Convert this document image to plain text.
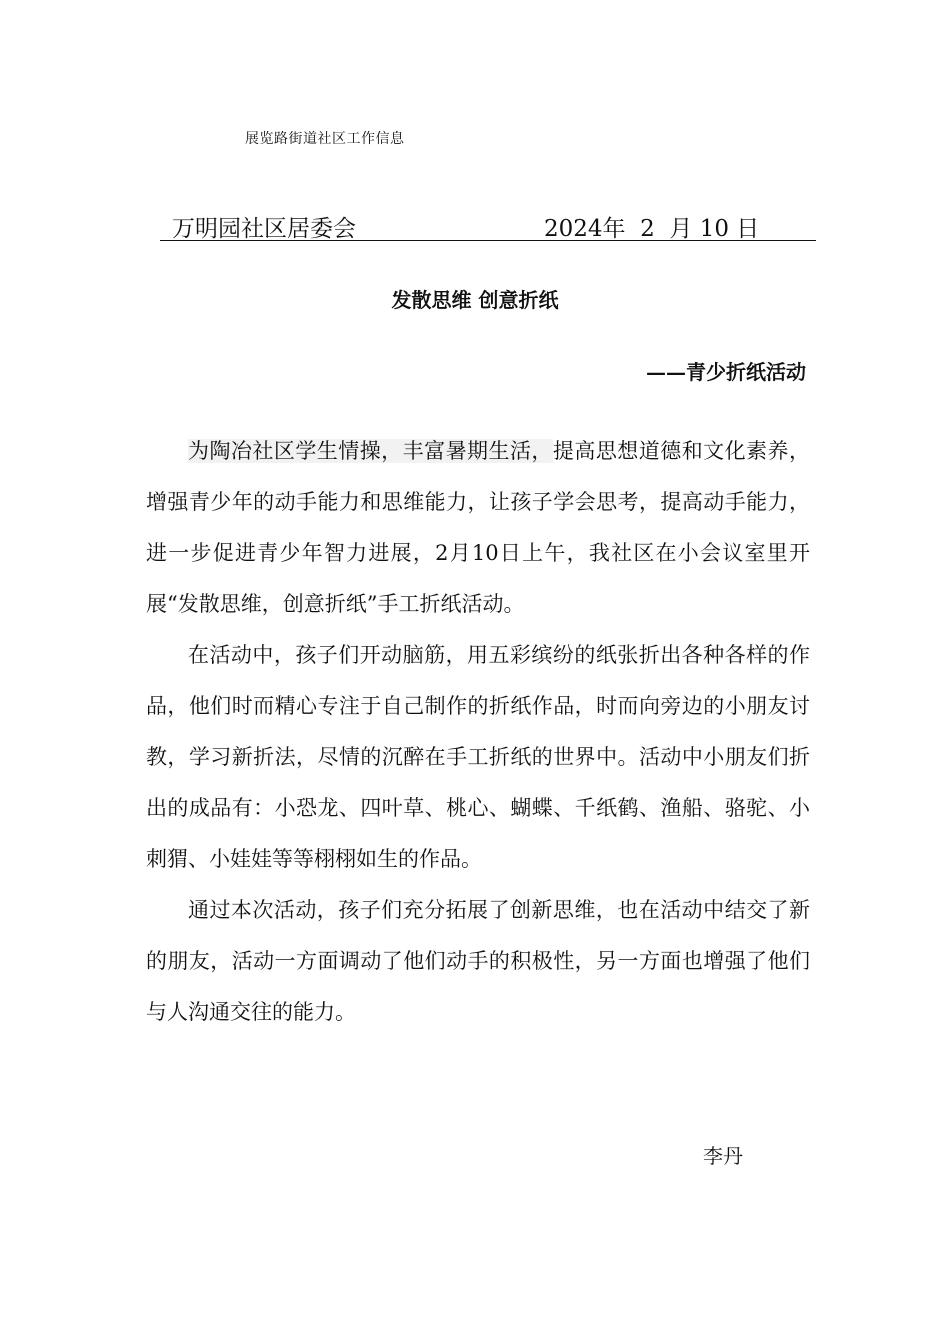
展览路街道社区工作信息
万明园社区居委会	2024年  2  月 10 日
发散思维 创意折纸
——青少折纸活动

为陶冶社区学生情操，丰富暑期生活，提高思想道德和文化素养，增强青少年的动手能力和思维能力，让孩子学会思考，提高动手能力，进一步促进青少年智力进展，2月10日上午，我社区在小会议室里开展“发散思维，创意折纸”手工折纸活动。

在活动中，孩子们开动脑筋，用五彩缤纷的纸张折出各种各样的作品，他们时而精心专注于自己制作的折纸作品，时而向旁边的小朋友讨教，学习新折法，尽情的沉醉在手工折纸的世界中。活动中小朋友们折出的成品有：小恐龙、四叶草、桃心、蝴蝶、千纸鹤、渔船、骆驼、小刺猬、小娃娃等等栩栩如生的作品。

通过本次活动，孩子们充分拓展了创新思维，也在活动中结交了新的朋友，活动一方面调动了他们动手的积极性，另一方面也增强了他们与人沟通交往的能力。

李丹
